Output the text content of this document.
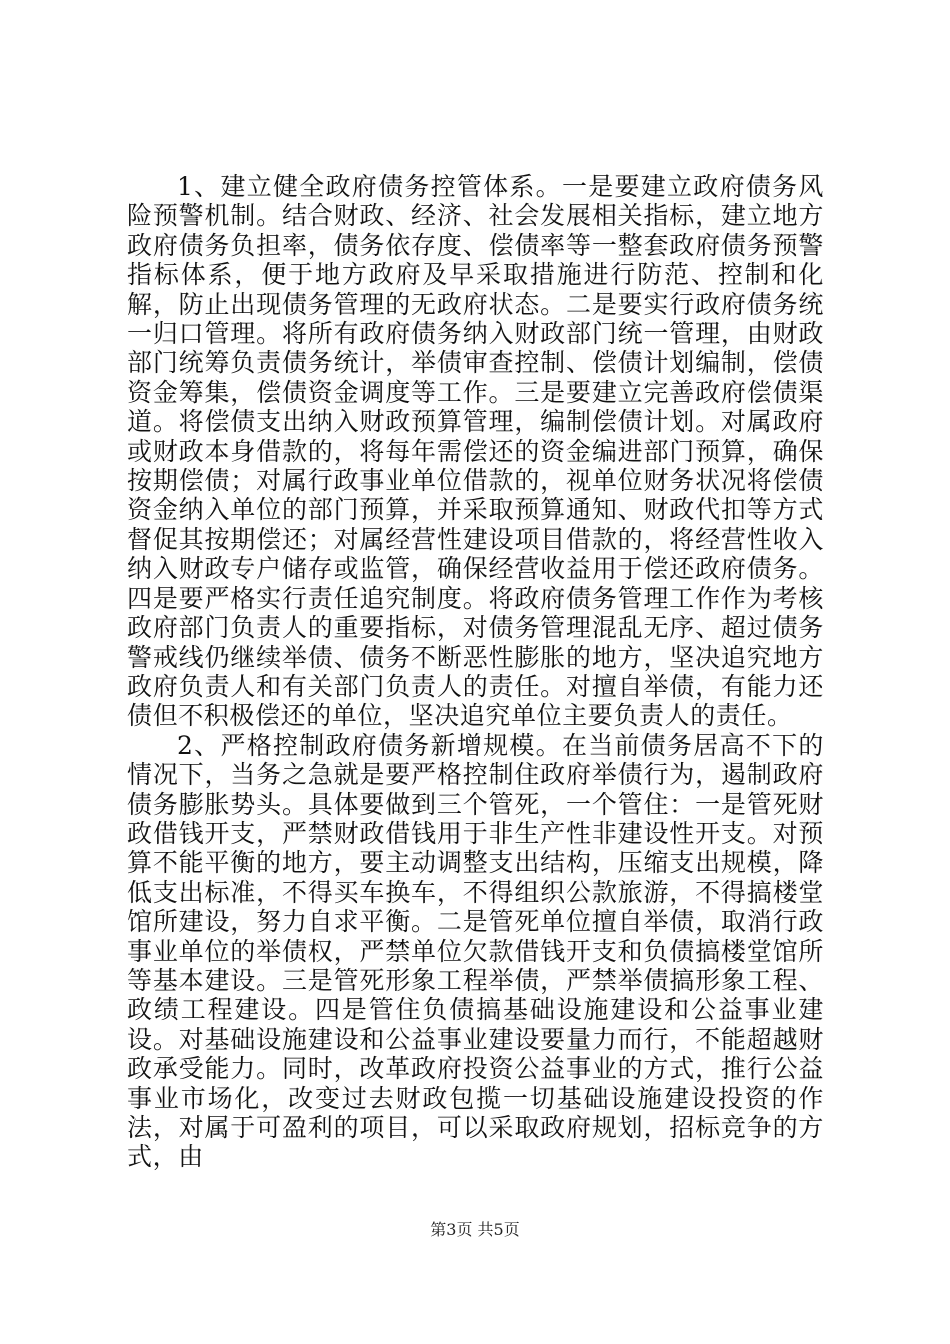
1、建立健全政府债务控管体系。一是要建立政府债务风险预警机制。结合财政、经济、社会发展相关指标，建立地方政府债务负担率，债务依存度、偿债率等一整套政府债务预警指标体系，便于地方政府及早采取措施进行防范、控制和化解，防止出现债务管理的无政府状态。二是要实行政府债务统一归口管理。将所有政府债务纳入财政部门统一管理，由财政部门统筹负责债务统计，举债审查控制、偿债计划编制，偿债资金筹集，偿债资金调度等工作。三是要建立完善政府偿债渠道。将偿债支出纳入财政预算管理，编制偿债计划。对属政府或财政本身借款的，将每年需偿还的资金编进部门预算，确保按期偿债；对属行政事业单位借款的，视单位财务状况将偿债资金纳入单位的部门预算，并采取预算通知、财政代扣等方式督促其按期偿还；对属经营性建设项目借款的，将经营性收入纳入财政专户储存或监管，确保经营收益用于偿还政府债务。四是要严格实行责任追究制度。将政府债务管理工作作为考核政府部门负责人的重要指标，对债务管理混乱无序、超过债务警戒线仍继续举债、债务不断恶性膨胀的地方，坚决追究地方政府负责人和有关部门负责人的责任。对擅自举债，有能力还债但不积极偿还的单位，坚决追究单位主要负责人的责任。

2、严格控制政府债务新增规模。在当前债务居高不下的情况下，当务之急就是要严格控制住政府举债行为，遏制政府债务膨胀势头。具体要做到三个管死，一个管住：一是管死财政借钱开支，严禁财政借钱用于非生产性非建设性开支。对预算不能平衡的地方，要主动调整支出结构，压缩支出规模，降低支出标准，不得买车换车，不得组织公款旅游，不得搞楼堂馆所建设，努力自求平衡。二是管死单位擅自举债，取消行政事业单位的举债权，严禁单位欠款借钱开支和负债搞楼堂馆所等基本建设。三是管死形象工程举债，严禁举债搞形象工程、政绩工程建设。四是管住负债搞基础设施建设和公益事业建设。对基础设施建设和公益事业建设要量力而行，不能超越财政承受能力。同时，改革政府投资公益事业的方式，推行公益事业市场化，改变过去财政包揽一切基础设施建设投资的作法，对属于可盈利的项目，可以采取政府规划，招标竞争的方式，由

第3页 共5页
